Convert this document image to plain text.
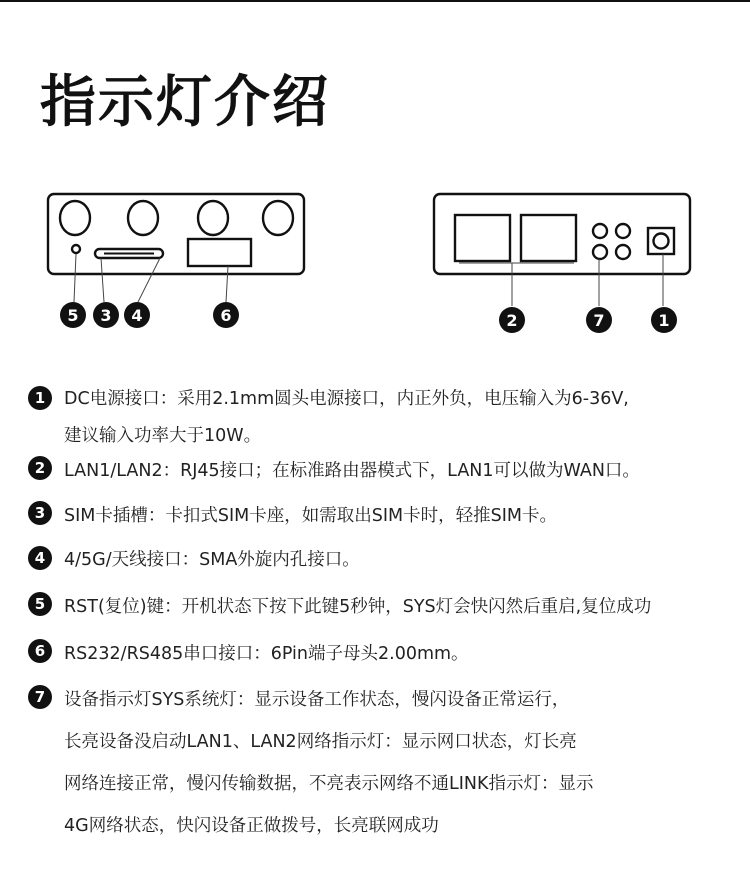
指示灯介绍
5 3 4	6	2	7	1
1	DC电源接口：采用2.1mm圆头电源接口，内正外负，电压输入为6-36V,
建议输入功率大于10W。
2	LAN1/LAN2：RJ45接口；在标准路由器模式下，LAN1可以做为WAN口。
3	SIM卡插槽：卡扣式SIM卡座，如需取出SIM卡时，轻推SIM卡。
4	4/5G/天线接口：SMA外旋内孔接口。
5	RST(复位)键：开机状态下按下此键5秒钟，SYS灯会快闪然后重启,复位成功
6	RS232/RS485串口接口：6Pin端子母头2.00mm。
7	设备指示灯SYS系统灯：显示设备工作状态，慢闪设备正常运行，
长亮设备没启动LAN1、LAN2网络指示灯：显示网口状态，灯长亮
网络连接正常，慢闪传输数据，不亮表示网络不通LINK指示灯：显示
4G网络状态，快闪设备正做拨号，长亮联网成功
